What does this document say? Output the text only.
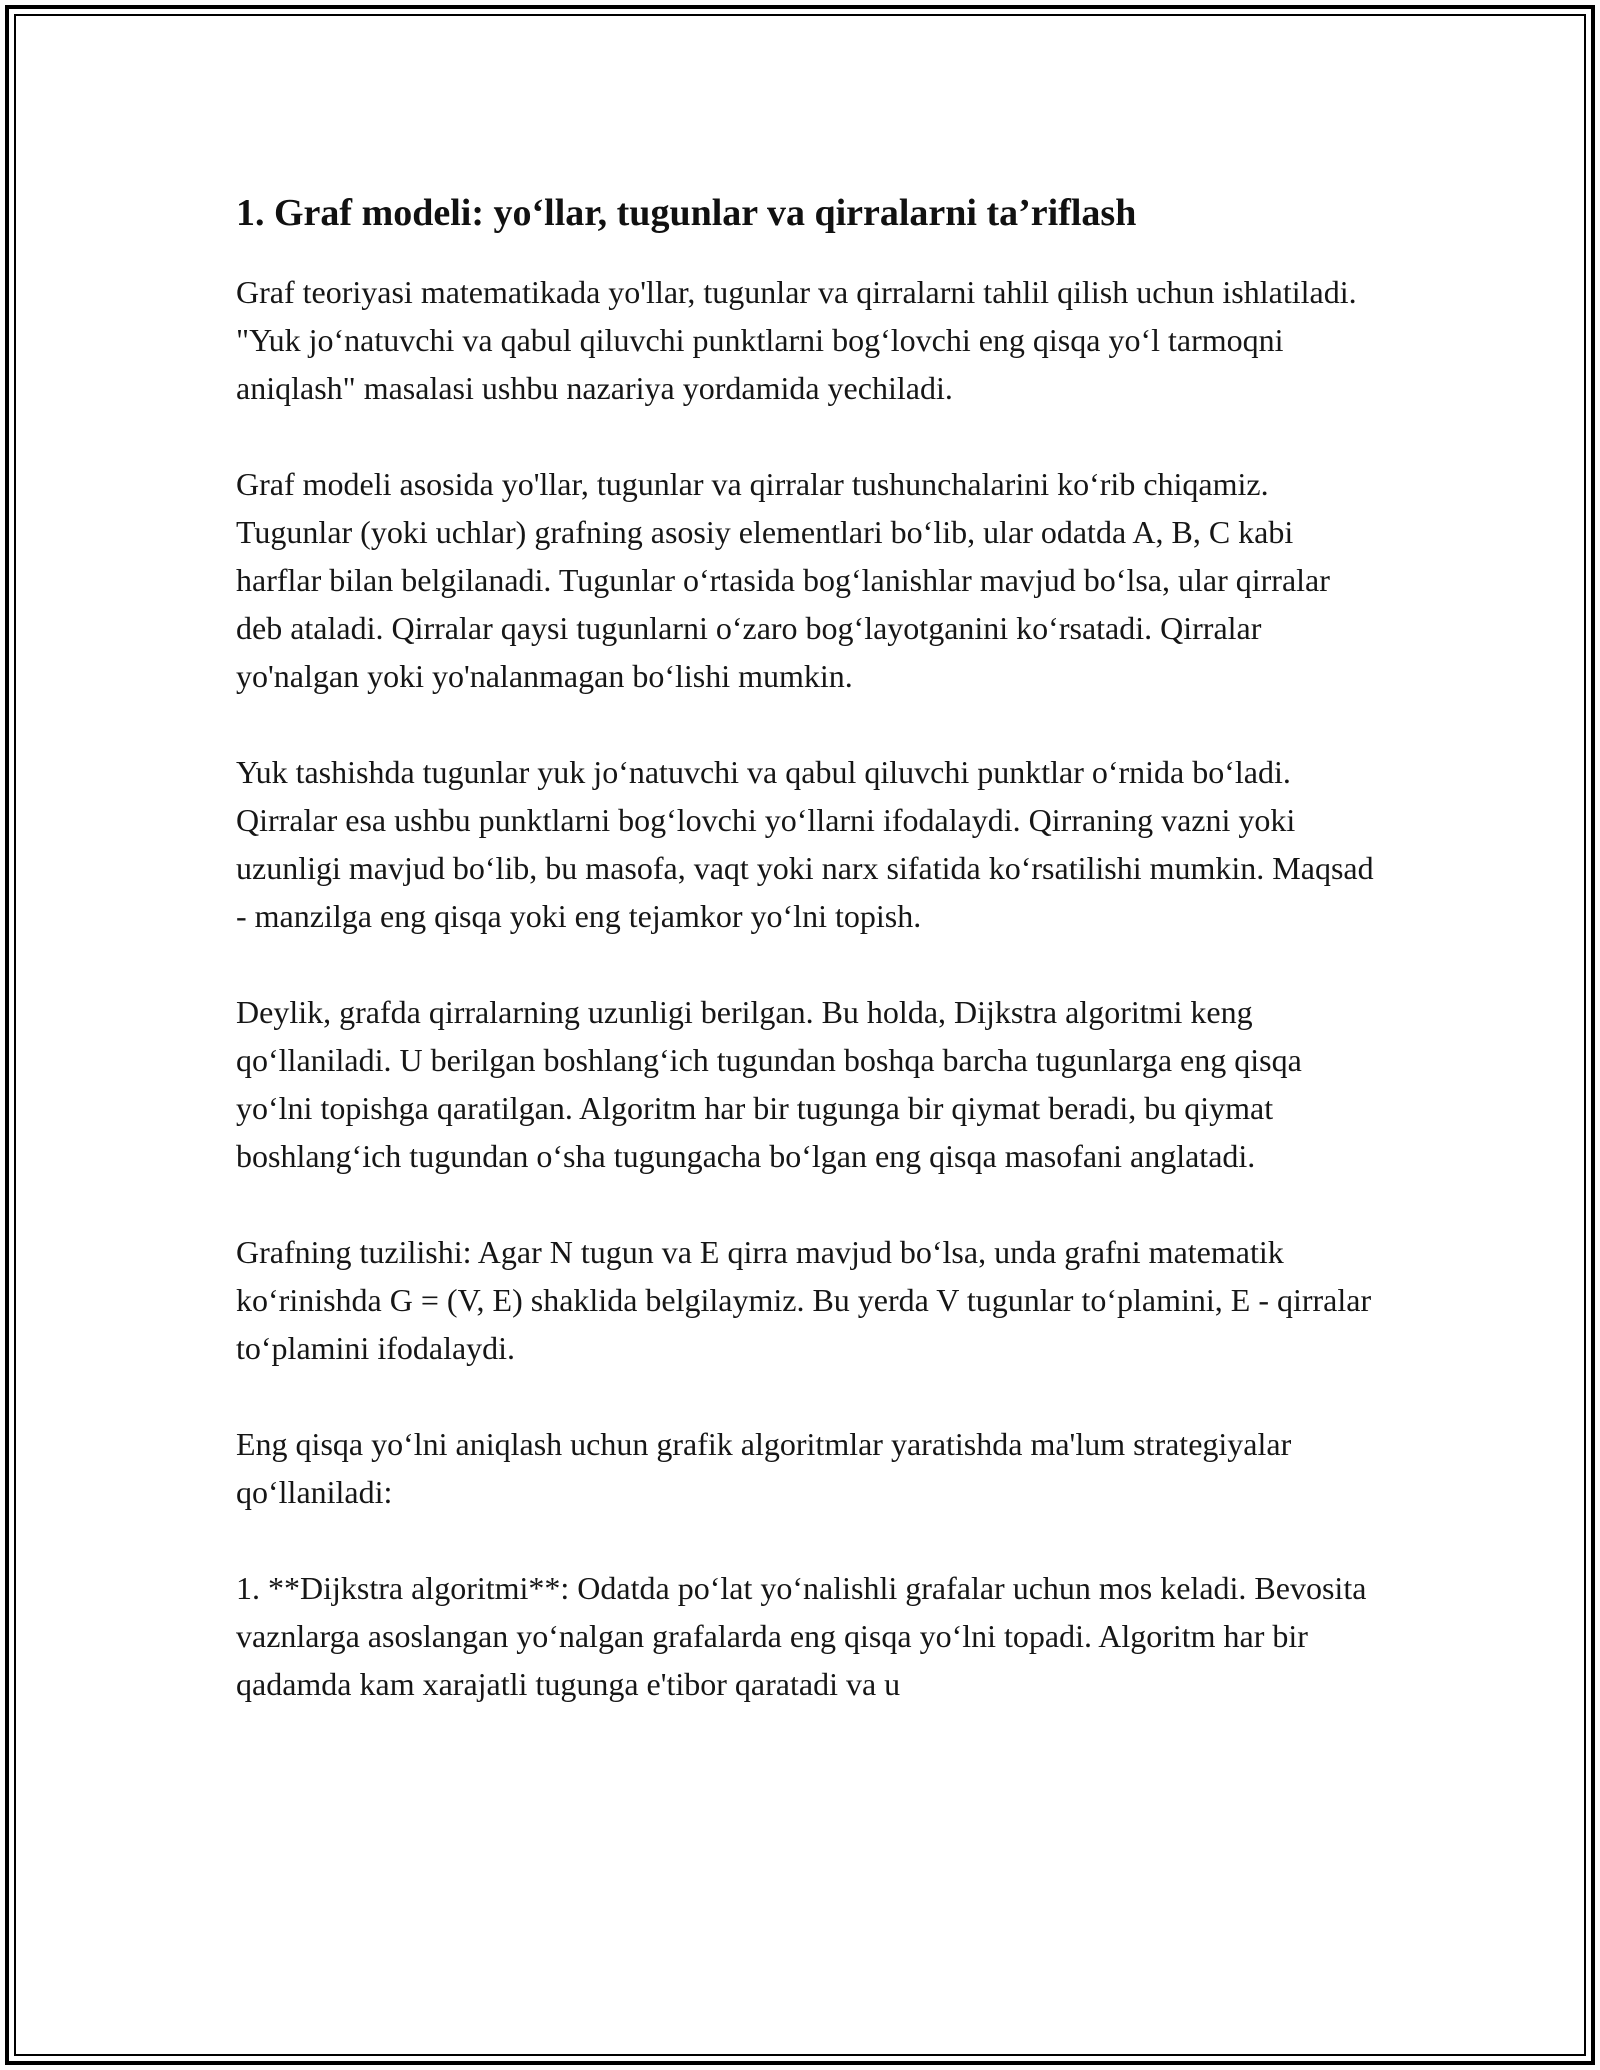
1. Graf modeli: yo‘llar, tugunlar va qirralarni ta’riflash

Graf teoriyasi matematikada yo'llar, tugunlar va qirralarni tahlil qilish uchun ishlatiladi. "Yuk jo‘natuvchi va qabul qiluvchi punktlarni bog‘lovchi eng qisqa yo‘l tarmoqni aniqlash" masalasi ushbu nazariya yordamida yechiladi.

Graf modeli asosida yo'llar, tugunlar va qirralar tushunchalarini ko‘rib chiqamiz. Tugunlar (yoki uchlar) grafning asosiy elementlari bo‘lib, ular odatda A, B, C kabi harflar bilan belgilanadi. Tugunlar o‘rtasida bog‘lanishlar mavjud bo‘lsa, ular qirralar deb ataladi. Qirralar qaysi tugunlarni o‘zaro bog‘layotganini ko‘rsatadi. Qirralar yo'nalgan yoki yo'nalanmagan bo‘lishi mumkin.

Yuk tashishda tugunlar yuk jo‘natuvchi va qabul qiluvchi punktlar o‘rnida bo‘ladi. Qirralar esa ushbu punktlarni bog‘lovchi yo‘llarni ifodalaydi. Qirraning vazni yoki uzunligi mavjud bo‘lib, bu masofa, vaqt yoki narx sifatida ko‘rsatilishi mumkin. Maqsad - manzilga eng qisqa yoki eng tejamkor yo‘lni topish.

Deylik, grafda qirralarning uzunligi berilgan. Bu holda, Dijkstra algoritmi keng qo‘llaniladi. U berilgan boshlang‘ich tugundan boshqa barcha tugunlarga eng qisqa yo‘lni topishga qaratilgan. Algoritm har bir tugunga bir qiymat beradi, bu qiymat boshlang‘ich tugundan o‘sha tugungacha bo‘lgan eng qisqa masofani anglatadi.

Grafning tuzilishi: Agar N tugun va E qirra mavjud bo‘lsa, unda grafni matematik ko‘rinishda G = (V, E) shaklida belgilaymiz. Bu yerda V tugunlar to‘plamini, E - qirralar to‘plamini ifodalaydi.

Eng qisqa yo‘lni aniqlash uchun grafik algoritmlar yaratishda ma'lum strategiyalar qo‘llaniladi:

1. **Dijkstra algoritmi**: Odatda po‘lat yo‘nalishli grafalar uchun mos keladi. Bevosita vaznlarga asoslangan yo‘nalgan grafalarda eng qisqa yo‘lni topadi. Algoritm har bir qadamda kam xarajatli tugunga e'tibor qaratadi va u
